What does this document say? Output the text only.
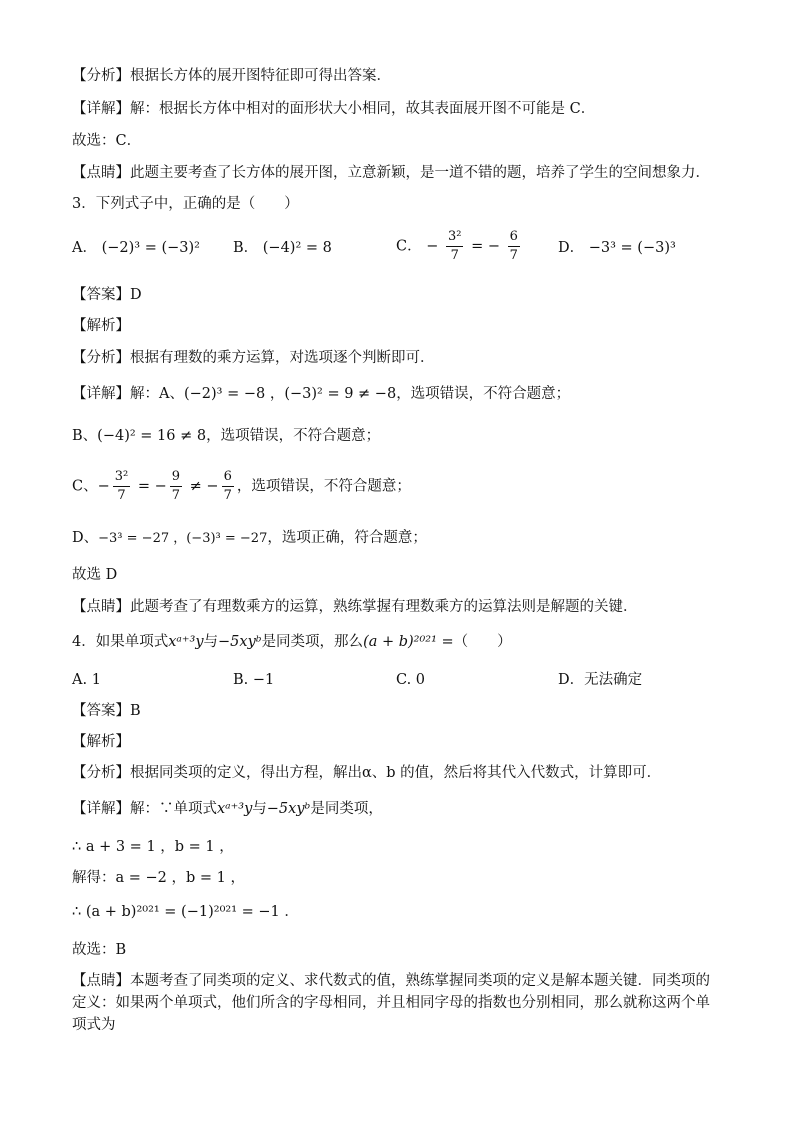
【分析】根据长方体的展开图特征即可得出答案．
【详解】解：根据长方体中相对的面形状大小相同，故其表面展开图不可能是 C．
故选：C．
【点睛】此题主要考查了长方体的展开图，立意新颖，是一道不错的题，培养了学生的空间想象力．
3．下列式子中，正确的是（　　）
A． (−2)³ = (−3)² B． (−4)² = 8	C． − $\frac{\text{3²}}{7}$ = − $\frac{6}{7}$	D． −3³ = (−3)³
【答案】D
【解析】
【分析】根据有理数的乘方运算，对选项逐个判断即可．
【详解】解：A、(−2)³ = −8 ，(−3)² = 9 ≠ −8，选项错误，不符合题意；
B、(−4)² = 16 ≠ 8，选项错误，不符合题意；
C、− $\frac{\text{3²}}{7}$ = − $\frac{9}{7}$ ≠ − $\frac{6}{7}$ ，选项错误，不符合题意；
D、−3³ = −27 ，(−3)³ = −27，选项正确，符合题意；
故选 D
【点睛】此题考查了有理数乘方的运算，熟练掌握有理数乘方的运算法则是解题的关键．
4．如果单项式xᵃ⁺³y与−5xyᵇ是同类项，那么(a + b)²⁰²¹ =（　　）
A. 1	B. −1	C. 0	D．无法确定
【答案】B
【解析】
【分析】根据同类项的定义，得出方程，解出α、b 的值，然后将其代入代数式，计算即可．
【详解】解：∵单项式xᵃ⁺³y与−5xyᵇ是同类项，
∴ a + 3 = 1 ，b = 1 ，
解得：a = −2 ，b = 1 ，
∴ (a + b)²⁰²¹ = (−1)²⁰²¹ = −1 ．
故选：B
【点睛】本题考查了同类项的定义、求代数式的值，熟练掌握同类项的定义是解本题关键．同类项的定义：如果两个单项式，他们所含的字母相同，并且相同字母的指数也分别相同，那么就称这两个单项式为
